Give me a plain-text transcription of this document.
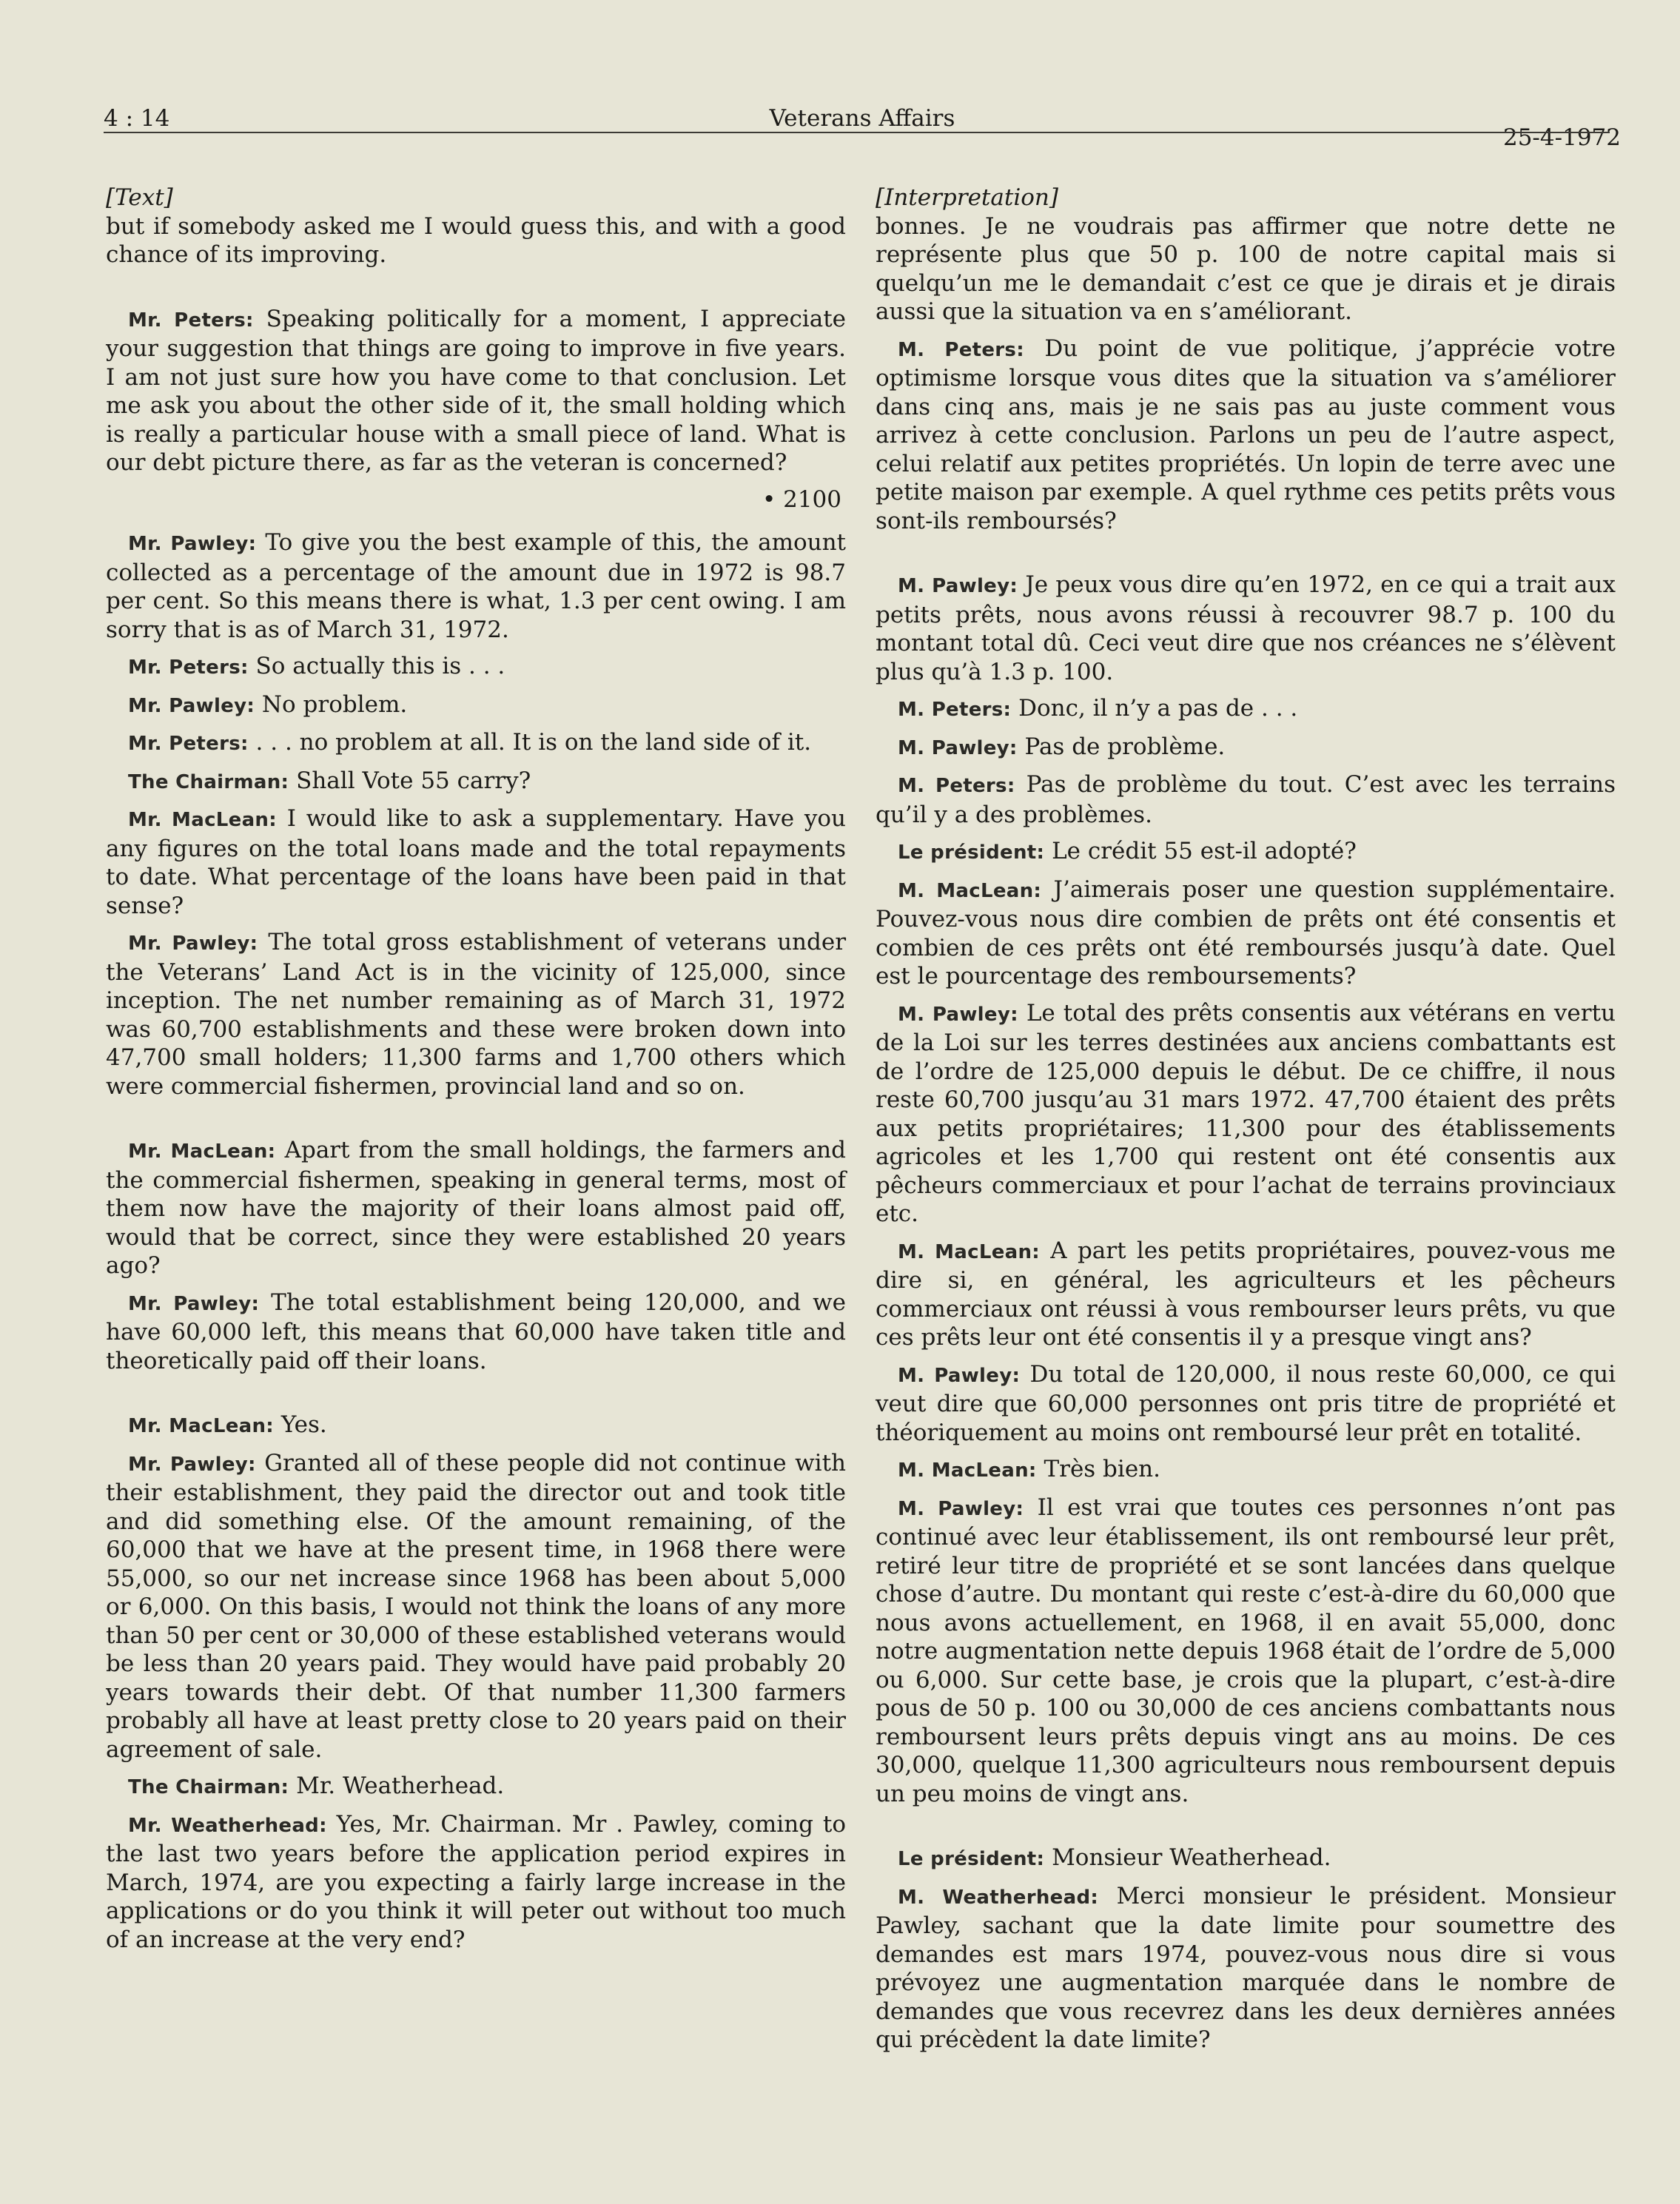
4 : 14	Veterans Affairs
25-4-1972

[Text]

but if somebody asked me I would guess this, and with a good chance of its improving.

Mr. Peters: Speaking politically for a moment, I appreciate your suggestion that things are going to improve in five years. I am not just sure how you have come to that conclusion. Let me ask you about the other side of it, the small holding which is really a particular house with a small piece of land. What is our debt picture there, as far as the veteran is concerned?

• 2100

Mr. Pawley: To give you the best example of this, the amount collected as a percentage of the amount due in 1972 is 98.7 per cent. So this means there is what, 1.3 per cent owing. I am sorry that is as of March 31, 1972.

Mr. Peters: So actually this is . . .

Mr. Pawley: No problem.

Mr. Peters: . . . no problem at all. It is on the land side of it.

The Chairman: Shall Vote 55 carry?

Mr. MacLean: I would like to ask a supplementary. Have you any figures on the total loans made and the total repayments to date. What percentage of the loans have been paid in that sense?

Mr. Pawley: The total gross establishment of veterans under the Veterans’ Land Act is in the vicinity of 125,000, since inception. The net number remaining as of March 31, 1972 was 60,700 establishments and these were broken down into 47,700 small holders; 11,300 farms and 1,700 others which were commercial fishermen, provincial land and so on.

Mr. MacLean: Apart from the small holdings, the farmers and the commercial fishermen, speaking in general terms, most of them now have the majority of their loans almost paid off, would that be correct, since they were established 20 years ago?

Mr. Pawley: The total establishment being 120,000, and we have 60,000 left, this means that 60,000 have taken title and theoretically paid off their loans.

Mr. MacLean: Yes.

Mr. Pawley: Granted all of these people did not continue with their establishment, they paid the director out and took title and did something else. Of the amount remaining, of the 60,000 that we have at the present time, in 1968 there were 55,000, so our net increase since 1968 has been about 5,000 or 6,000. On this basis, I would not think the loans of any more than 50 per cent or 30,000 of these established veterans would be less than 20 years paid. They would have paid probably 20 years towards their debt. Of that number 11,300 farmers probably all have at least pretty close to 20 years paid on their agreement of sale.

The Chairman: Mr. Weatherhead.

Mr. Weatherhead: Yes, Mr. Chairman. Mr . Pawley, coming to the last two years before the application period expires in March, 1974, are you expecting a fairly large increase in the applications or do you think it will peter out without too much of an increase at the very end?

[Interpretation]

bonnes. Je ne voudrais pas affirmer que notre dette ne représente plus que 50 p. 100 de notre capital mais si quelqu’un me le demandait c’est ce que je dirais et je dirais aussi que la situation va en s’améliorant.

M. Peters: Du point de vue politique, j’apprécie votre optimisme lorsque vous dites que la situation va s’améliorer dans cinq ans, mais je ne sais pas au juste comment vous arrivez à cette conclusion. Parlons un peu de l’autre aspect, celui relatif aux petites propriétés. Un lopin de terre avec une petite maison par exemple. A quel rythme ces petits prêts vous sont-ils remboursés?

M. Pawley: Je peux vous dire qu’en 1972, en ce qui a trait aux petits prêts, nous avons réussi à recouvrer 98.7 p. 100 du montant total dû. Ceci veut dire que nos créances ne s’élèvent plus qu’à 1.3 p. 100.

M. Peters: Donc, il n’y a pas de . . .

M. Pawley: Pas de problème.

M. Peters: Pas de problème du tout. C’est avec les terrains qu’il y a des problèmes.

Le président: Le crédit 55 est-il adopté?

M. MacLean: J’aimerais poser une question supplémentaire. Pouvez-vous nous dire combien de prêts ont été consentis et combien de ces prêts ont été remboursés jusqu’à date. Quel est le pourcentage des remboursements?

M. Pawley: Le total des prêts consentis aux vétérans en vertu de la Loi sur les terres destinées aux anciens combattants est de l’ordre de 125,000 depuis le début. De ce chiffre, il nous reste 60,700 jusqu’au 31 mars 1972. 47,700 étaient des prêts aux petits propriétaires; 11,300 pour des établissements agricoles et les 1,700 qui restent ont été consentis aux pêcheurs commerciaux et pour l’achat de terrains provinciaux etc.

M. MacLean: A part les petits propriétaires, pouvez-vous me dire si, en général, les agriculteurs et les pêcheurs commerciaux ont réussi à vous rembourser leurs prêts, vu que ces prêts leur ont été consentis il y a presque vingt ans?

M. Pawley: Du total de 120,000, il nous reste 60,000, ce qui veut dire que 60,000 personnes ont pris titre de propriété et théoriquement au moins ont remboursé leur prêt en totalité.

M. MacLean: Très bien.

M. Pawley: Il est vrai que toutes ces personnes n’ont pas continué avec leur établissement, ils ont remboursé leur prêt, retiré leur titre de propriété et se sont lancées dans quelque chose d’autre. Du montant qui reste c’est-à-dire du 60,000 que nous avons actuellement, en 1968, il en avait 55,000, donc notre augmentation nette depuis 1968 était de l’ordre de 5,000 ou 6,000. Sur cette base, je crois que la plupart, c’est-à-dire pous de 50 p. 100 ou 30,000 de ces anciens combattants nous remboursent leurs prêts depuis vingt ans au moins. De ces 30,000, quelque 11,300 agriculteurs nous remboursent depuis un peu moins de vingt ans.

Le président: Monsieur Weatherhead.

M. Weatherhead: Merci monsieur le président. Monsieur Pawley, sachant que la date limite pour soumettre des demandes est mars 1974, pouvez-vous nous dire si vous prévoyez une augmentation marquée dans le nombre de demandes que vous recevrez dans les deux dernières années qui précèdent la date limite?
